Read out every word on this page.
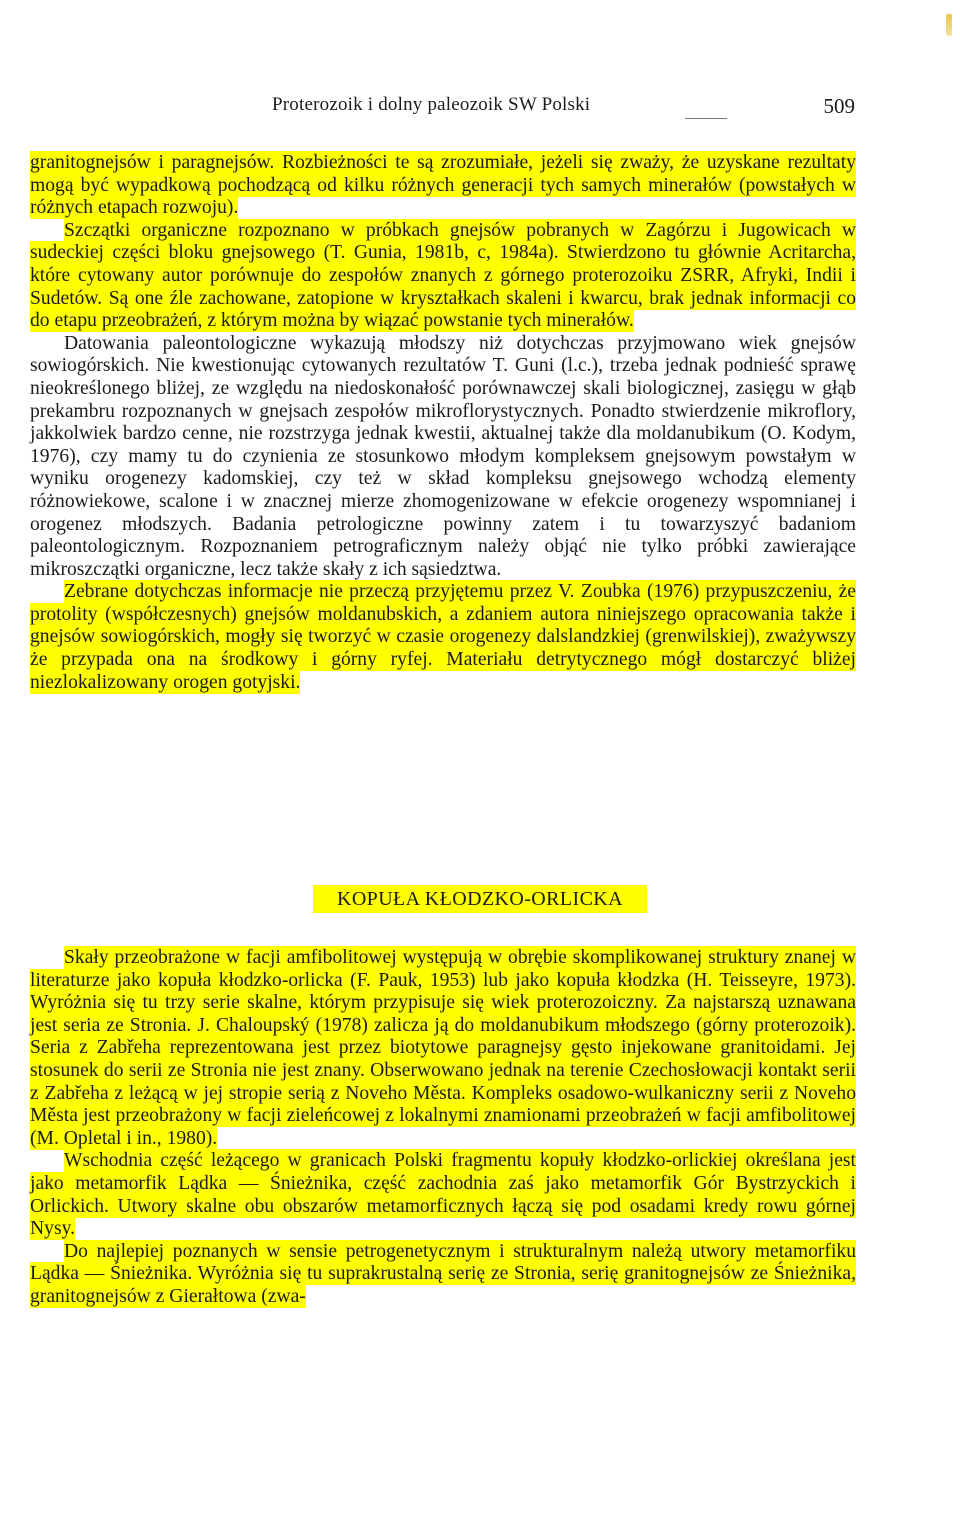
Proterozoik i dolny paleozoik SW Polski	509

granitognejsów i paragnejsów. Rozbieżności te są zrozumiałe, jeżeli się zważy, że uzyskane rezultaty mogą być wypadkową pochodzącą od kilku różnych generacji tych samych minerałów (powstałych w różnych etapach rozwoju).

Szczątki organiczne rozpoznano w próbkach gnejsów pobranych w Zagórzu i Jugowicach w sudeckiej części bloku gnejsowego (T. Gunia, 1981b, c, 1984a). Stwierdzono tu głównie Acritarcha, które cytowany autor porównuje do zespołów znanych z górnego proterozoiku ZSRR, Afryki, Indii i Sudetów. Są one źle zachowane, zatopione w kryształkach skaleni i kwarcu, brak jednak informacji co do etapu przeobrażeń, z którym można by wiązać powstanie tych minerałów.

Datowania paleontologiczne wykazują młodszy niż dotychczas przyjmowano wiek gnejsów sowiogórskich. Nie kwestionując cytowanych rezultatów T. Guni (l.c.), trzeba jednak podnieść sprawę nieokreślonego bliżej, ze względu na niedoskonałość porównawczej skali biologicznej, zasięgu w głąb prekambru rozpoznanych w gnejsach zespołów mikroflorystycznych. Ponadto stwierdzenie mikroflory, jakkolwiek bardzo cenne, nie rozstrzyga jednak kwestii, aktualnej także dla moldanubikum (O. Kodym, 1976), czy mamy tu do czynienia ze stosunkowo młodym kompleksem gnejsowym powstałym w wyniku orogenezy kadomskiej, czy też w skład kompleksu gnejsowego wchodzą elementy różnowiekowe, scalone i w znacznej mierze zhomogenizowane w efekcie orogenezy wspomnianej i orogenez młodszych. Badania petrologiczne powinny zatem i tu towarzyszyć badaniom paleontologicznym. Rozpoznaniem petrograficznym należy objąć nie tylko próbki zawierające mikroszczątki organiczne, lecz także skały z ich sąsiedztwa.

Zebrane dotychczas informacje nie przeczą przyjętemu przez V. Zoubka (1976) przypuszczeniu, że protolity (współczesnych) gnejsów moldanubskich, a zdaniem autora niniejszego opracowania także i gnejsów sowiogórskich, mogły się tworzyć w czasie orogenezy dalslandzkiej (grenwilskiej), zważywszy że przypada ona na środkowy i górny ryfej. Materiału detrytycznego mógł dostarczyć bliżej niezlokalizowany orogen gotyjski.

KOPUŁA KŁODZKO-ORLICKA

Skały przeobrażone w facji amfibolitowej występują w obrębie skomplikowanej struktury znanej w literaturze jako kopuła kłodzko-orlicka (F. Pauk, 1953) lub jako kopuła kłodzka (H. Teisseyre, 1973). Wyróżnia się tu trzy serie skalne, którym przypisuje się wiek proterozoiczny. Za najstarszą uznawana jest seria ze Stronia. J. Chaloupský (1978) zalicza ją do moldanubikum młodszego (górny proterozoik). Seria z Zabřeha reprezentowana jest przez biotytowe paragnejsy gęsto injekowane granitoidami. Jej stosunek do serii ze Stronia nie jest znany. Obserwowano jednak na terenie Czechosłowacji kontakt serii z Zabřeha z leżącą w jej stropie serią z Noveho Města. Kompleks osadowo-wulkaniczny serii z Noveho Města jest przeobrażony w facji zieleńcowej z lokalnymi znamionami przeobrażeń w facji amfibolitowej (M. Opletal i in., 1980).

Wschodnia część leżącego w granicach Polski fragmentu kopuły kłodzko-orlickiej określana jest jako metamorfik Lądka — Śnieżnika, część zachodnia zaś jako metamorfik Gór Bystrzyckich i Orlickich. Utwory skalne obu obszarów metamorficznych łączą się pod osadami kredy rowu górnej Nysy.

Do najlepiej poznanych w sensie petrogenetycznym i strukturalnym należą utwory metamorfiku Lądka — Śnieżnika. Wyróżnia się tu suprakrustalną serię ze Stronia, serię granitognejsów ze Śnieżnika, granitognejsów z Gierałtowa (zwa-
